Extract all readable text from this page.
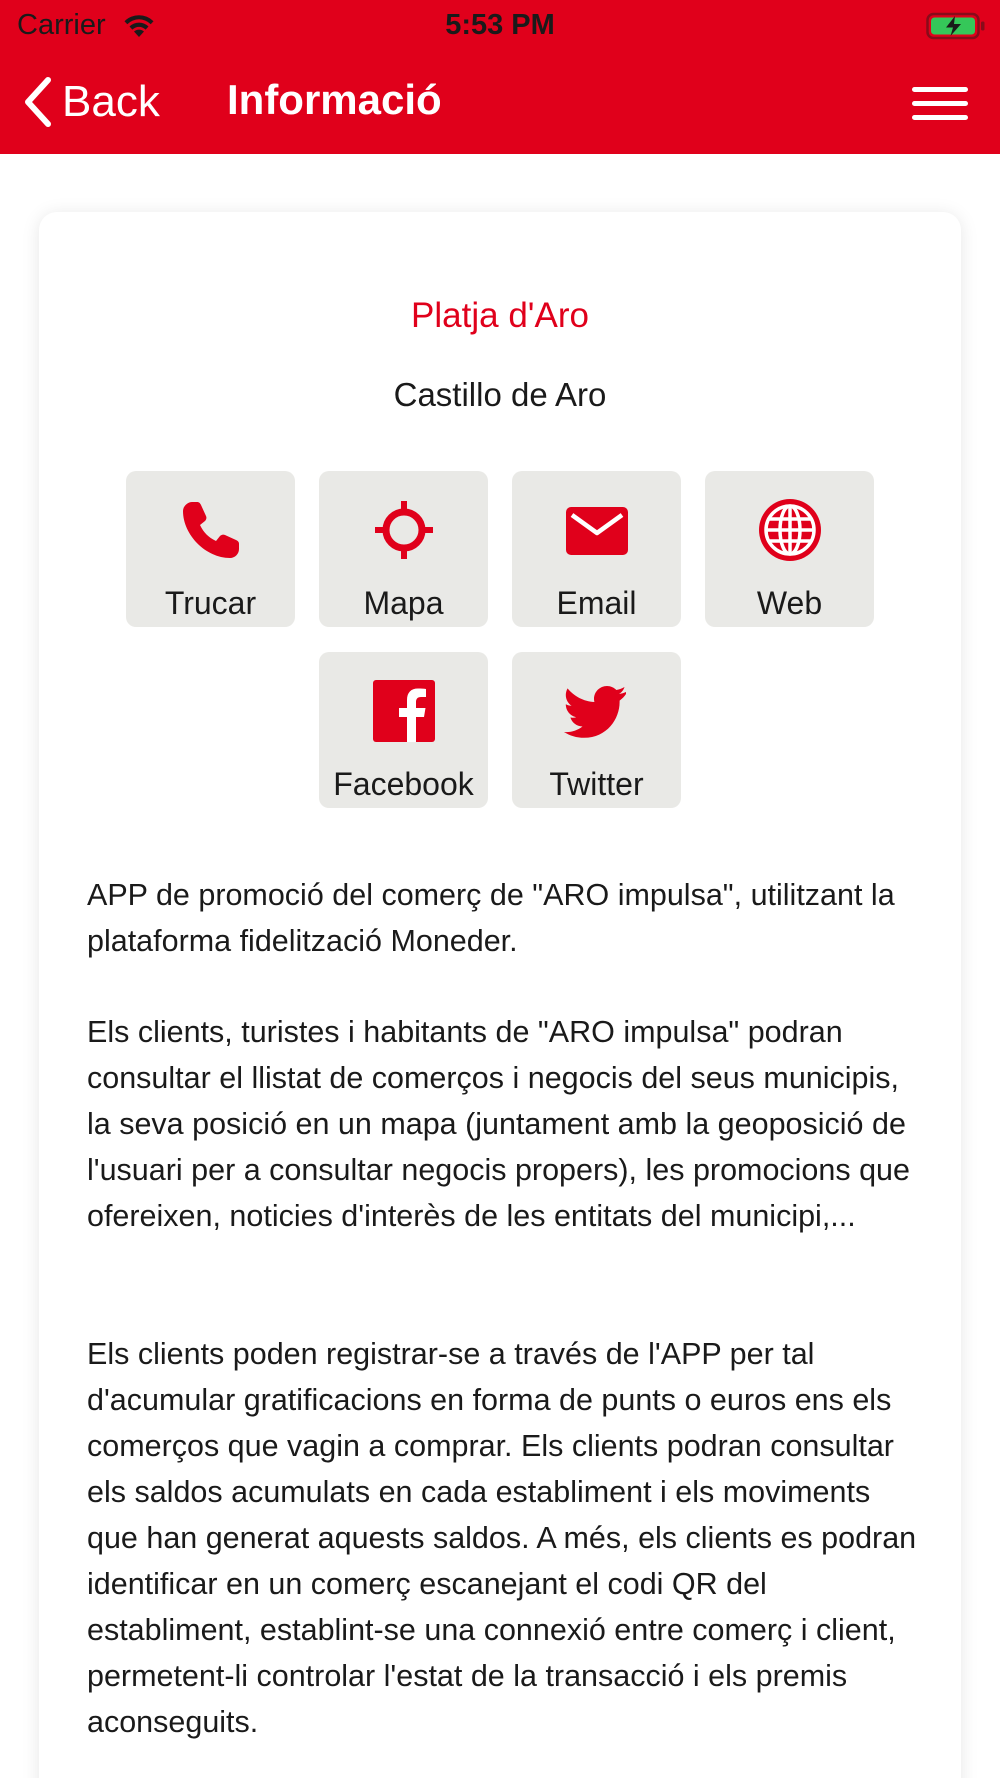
Carrier	5:53 PM
Back Informació
Platja d'Aro
Castillo de Aro
Trucar	Mapa	Email	Web
Facebook	Twitter
APP de promoció del comerç de "ARO impulsa", utilitzant la plataforma fidelització Moneder.
Els clients, turistes i habitants de "ARO impulsa" podran consultar el llistat de comerços i negocis del seus municipis, la seva posició en un mapa (juntament amb la geoposició de l'usuari per a consultar negocis propers), les promocions que ofereixen, noticies d'interès de les entitats del municipi,...
Els clients poden registrar-se a través de l'APP per tal d'acumular gratificacions en forma de punts o euros ens els comerços que vagin a comprar. Els clients podran consultar els saldos acumulats en cada establiment i els moviments que han generat aquests saldos. A més, els clients es podran identificar en un comerç escanejant el codi QR del establiment, establint-se una connexió entre comerç i client, permetent-li controlar l'estat de la transacció i els premis aconseguits.
